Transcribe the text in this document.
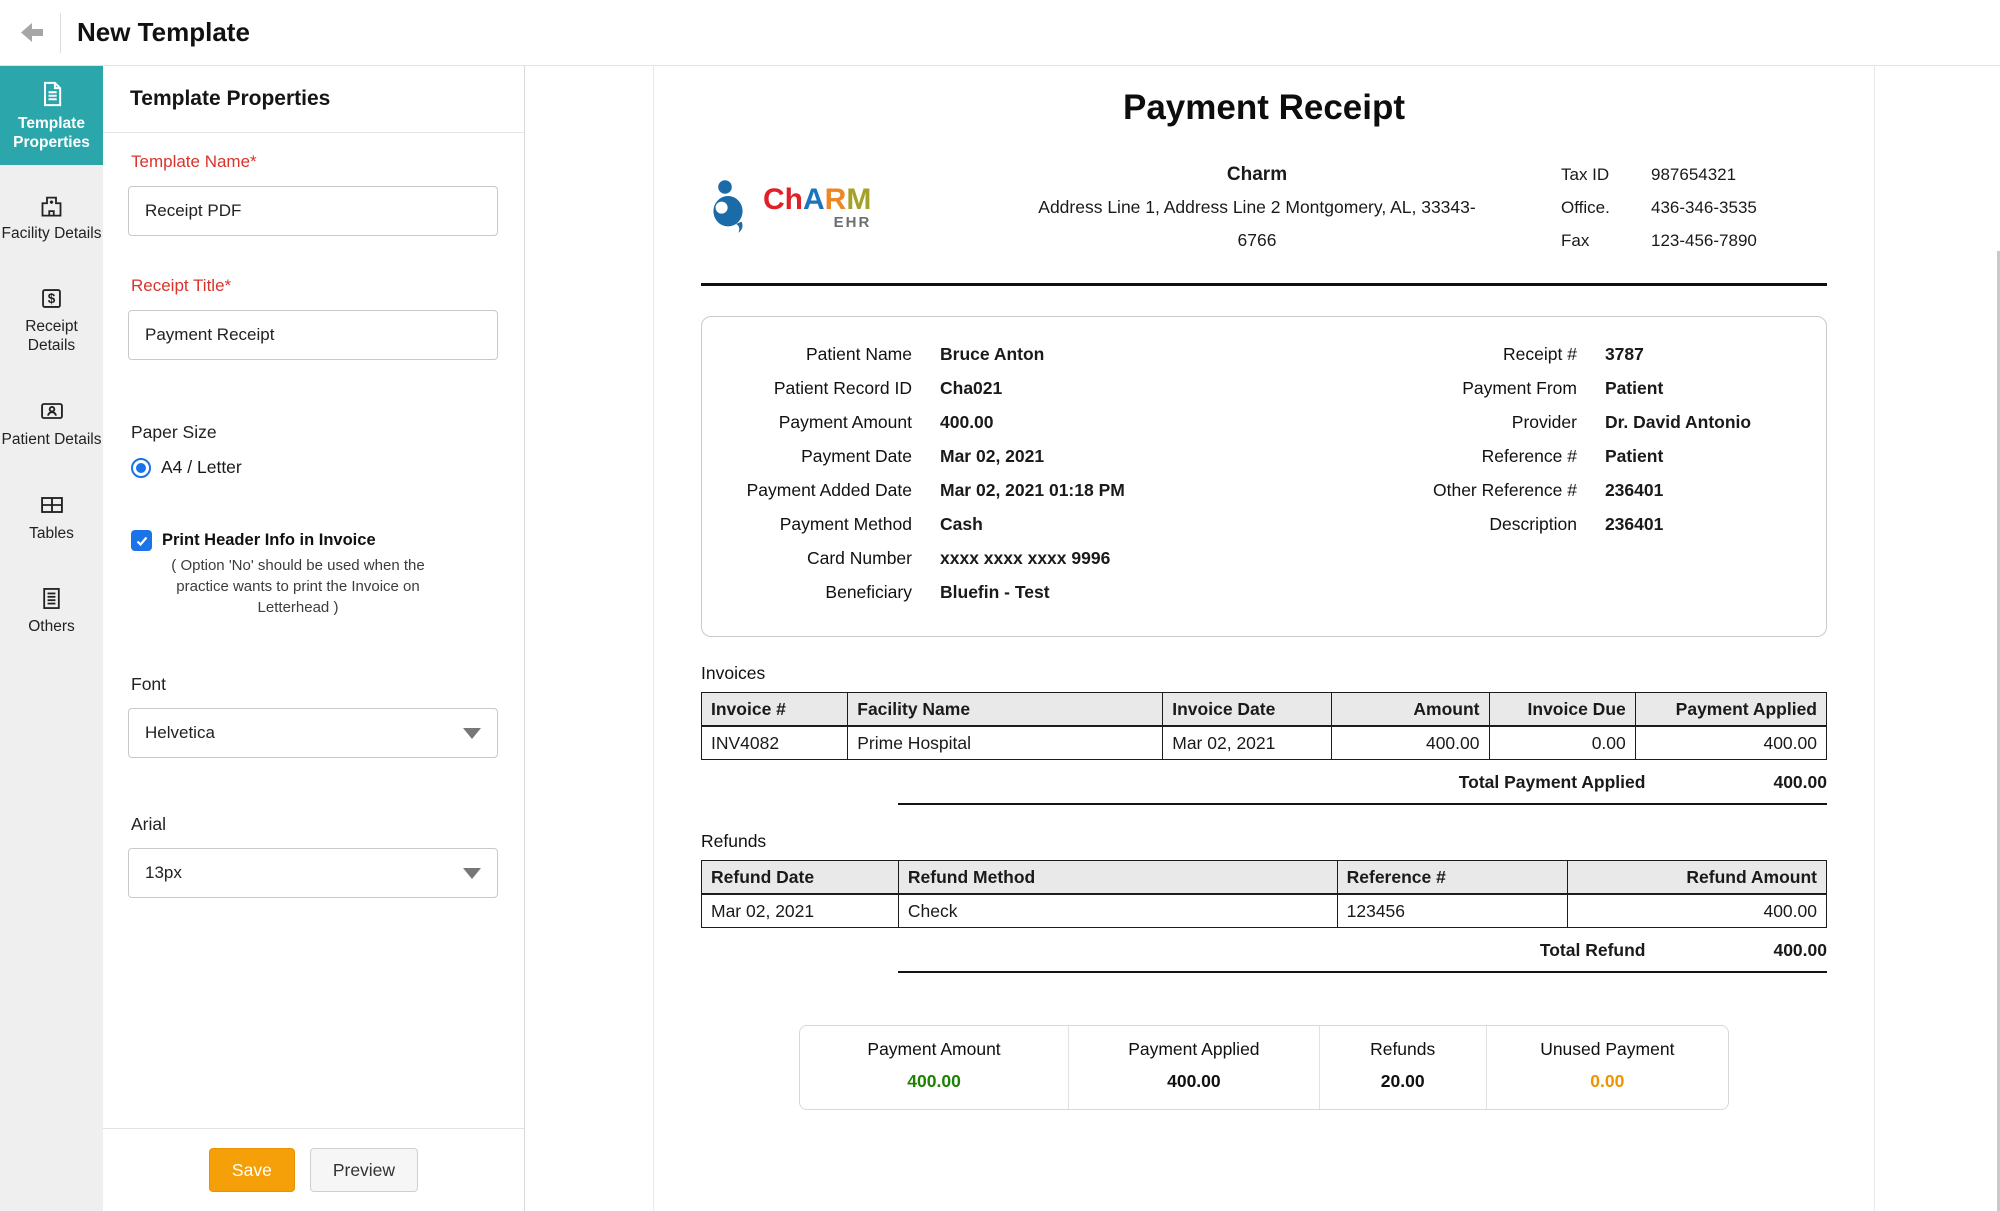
New Template
Template Properties
Facility Details
$
Receipt Details
Patient Details
Tables
Others
Template Properties
Template Name*
Receipt PDF
Receipt Title*
Payment Receipt
Paper Size
A4 / Letter
Print Header Info in Invoice
( Option 'No' should be used when the practice wants to print the Invoice on Letterhead )
Font
Helvetica
Arial
13px
Save	Preview
Payment Receipt
ChARM
EHR
Charm
Address Line 1, Address Line 2 Montgomery, AL, 33343-
6766
Tax ID	987654321
Office.	436-346-3535
Fax	123-456-7890
Patient Name	Bruce Anton
Patient Record ID	Cha021
Payment Amount	400.00
Payment Date	Mar 02, 2021
Payment Added Date	Mar 02, 2021 01:18 PM
Payment Method	Cash
Card Number	xxxx xxxx xxxx 9996
Beneficiary	Bluefin - Test
Receipt #	3787
Payment From	Patient
Provider	Dr. David Antonio
Reference #	Patient
Other Reference #	236401
Description	236401
Invoices
Invoice #	Facility Name	Invoice Date	Amount	Invoice Due	Payment Applied
INV4082	Prime Hospital	Mar 02, 2021	400.00	0.00	400.00
Total Payment Applied	400.00
Refunds
Refund Date	Refund Method	Reference #	Refund Amount
Mar 02, 2021	Check	123456	400.00
Total Refund	400.00
Payment Amount
400.00
Payment Applied
400.00
Refunds
20.00
Unused Payment
0.00
